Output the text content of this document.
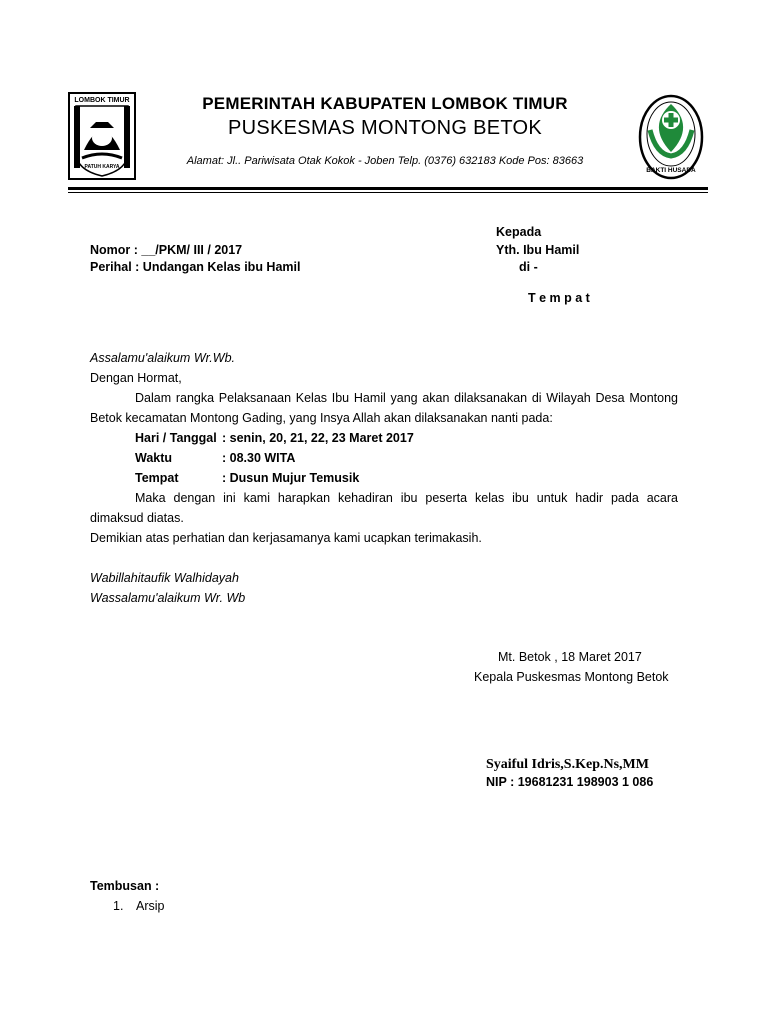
LOMBOK TIMUR
PATUH KARYA	BAKTI HUSADA
PEMERINTAH KABUPATEN LOMBOK TIMUR
PUSKESMAS MONTONG BETOK
Alamat: Jl.. Pariwisata Otak Kokok - Joben Telp. (0376) 632183 Kode Pos: 83663
Kepada
Yth. Ibu Hamil
di -
T e m p a t
Nomor : __/PKM/ III / 2017
Perihal : Undangan Kelas ibu Hamil
Assalamu'alaikum Wr.Wb.
Dengan Hormat,
Dalam rangka Pelaksanaan Kelas Ibu Hamil yang akan dilaksanakan di Wilayah Desa Montong
Betok kecamatan Montong Gading, yang Insya Allah akan dilaksanakan nanti pada:
Hari / Tanggal : senin, 20, 21, 22, 23 Maret 2017
Waktu	: 08.30 WITA
Tempat	: Dusun Mujur Temusik
Maka dengan ini kami harapkan kehadiran ibu peserta kelas ibu untuk hadir pada acara
dimaksud diatas.
Demikian atas perhatian dan kerjasamanya kami ucapkan terimakasih.
Wabillahitaufik Walhidayah
Wassalamu'alaikum Wr. Wb
Mt. Betok , 18 Maret 2017
Kepala Puskesmas Montong Betok
Syaiful Idris,S.Kep.Ns,MM
NIP : 19681231 198903 1 086
Tembusan :
1. Arsip
